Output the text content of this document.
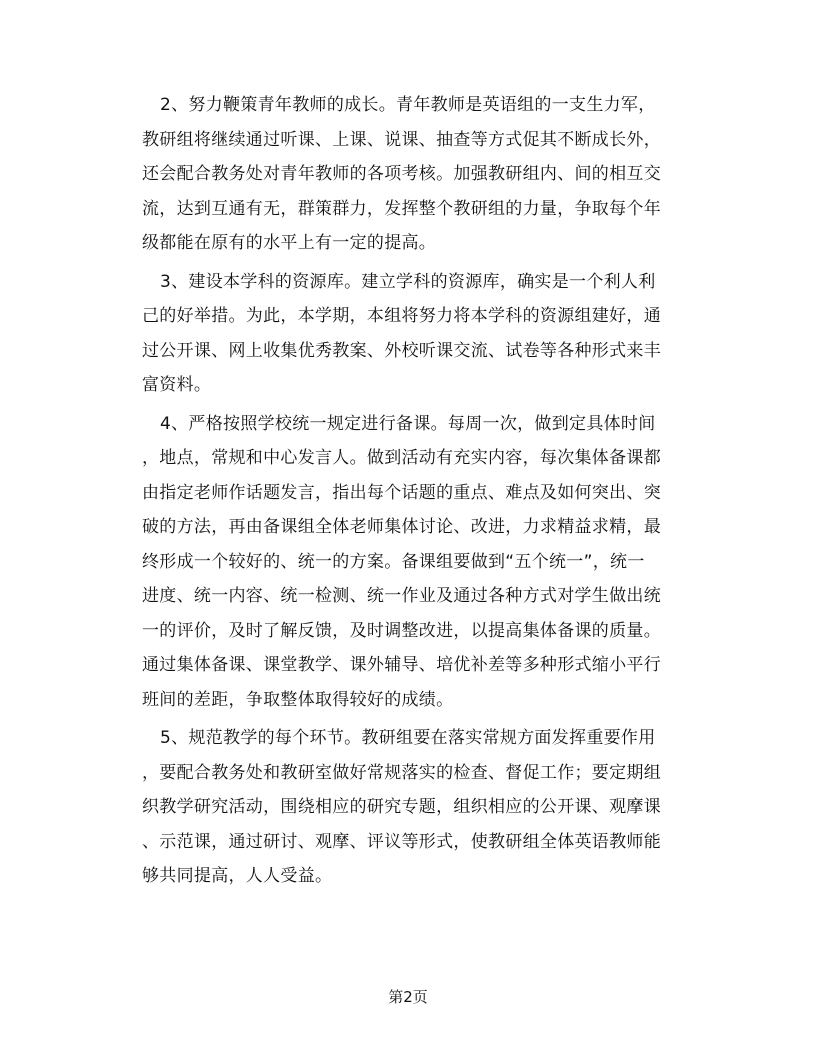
2、努力鞭策青年教师的成长。青年教师是英语组的一支生力军，
教研组将继续通过听课、上课、说课、抽查等方式促其不断成长外，
还会配合教务处对青年教师的各项考核。加强教研组内、间的相互交
流，达到互通有无，群策群力，发挥整个教研组的力量，争取每个年
级都能在原有的水平上有一定的提高。
3、建设本学科的资源库。建立学科的资源库，确实是一个利人利
己的好举措。为此，本学期，本组将努力将本学科的资源组建好，通
过公开课、网上收集优秀教案、外校听课交流、试卷等各种形式来丰
富资料。
4、严格按照学校统一规定进行备课。每周一次，做到定具体时间
，地点，常规和中心发言人。做到活动有充实内容，每次集体备课都
由指定老师作话题发言，指出每个话题的重点、难点及如何突出、突
破的方法，再由备课组全体老师集体讨论、改进，力求精益求精，最
终形成一个较好的、统一的方案。备课组要做到“五个统一”，统一
进度、统一内容、统一检测、统一作业及通过各种方式对学生做出统
一的评价，及时了解反馈，及时调整改进，以提高集体备课的质量。
通过集体备课、课堂教学、课外辅导、培优补差等多种形式缩小平行
班间的差距，争取整体取得较好的成绩。
5、规范教学的每个环节。教研组要在落实常规方面发挥重要作用
，要配合教务处和教研室做好常规落实的检查、督促工作；要定期组
织教学研究活动，围绕相应的研究专题，组织相应的公开课、观摩课
、示范课，通过研讨、观摩、评议等形式，使教研组全体英语教师能
够共同提高，人人受益。
第2页
